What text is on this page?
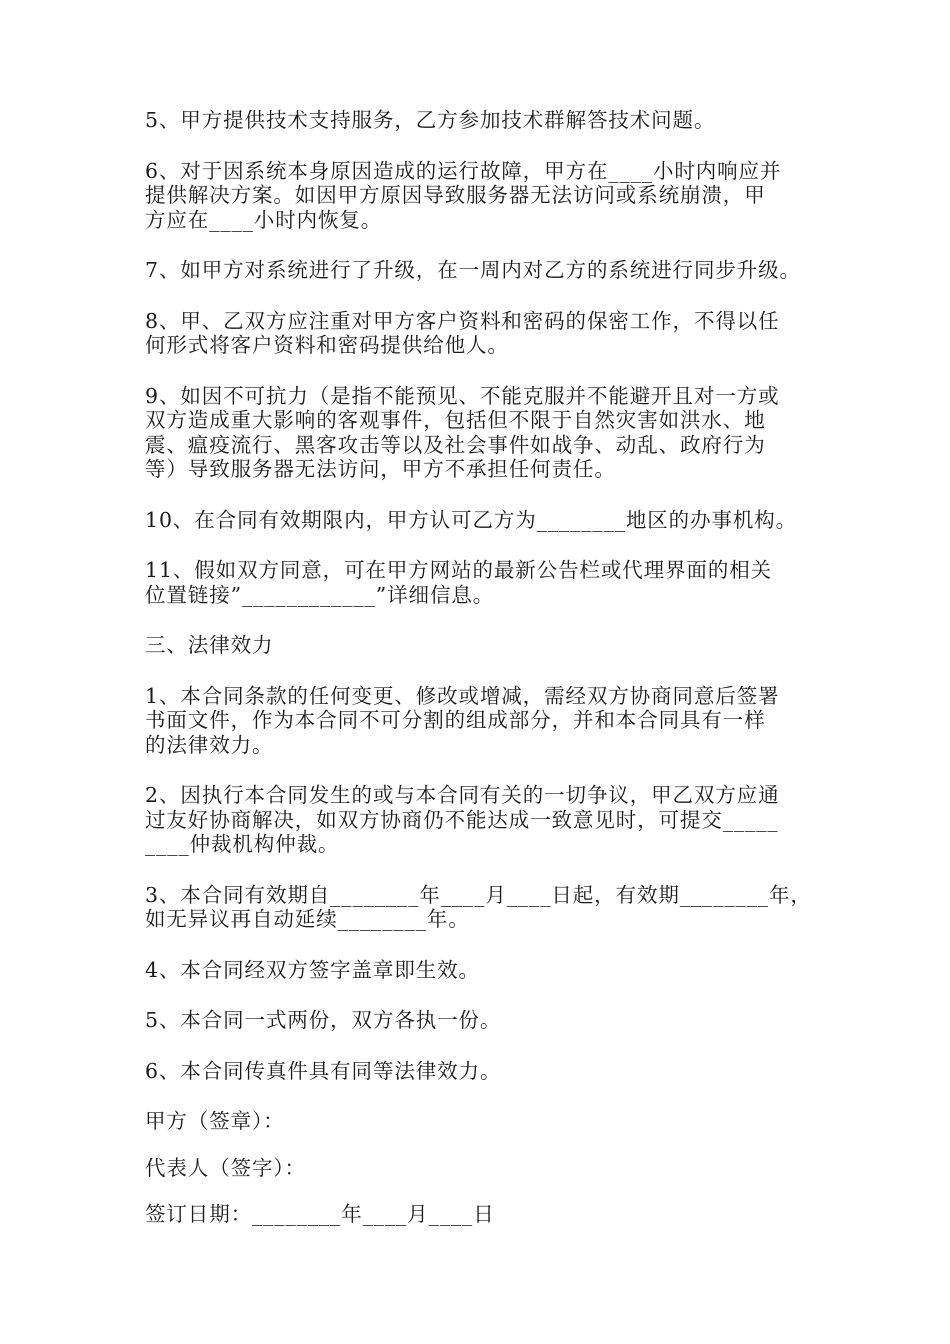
5、甲方提供技术支持服务，乙方参加技术群解答技术问题。

6、对于因系统本身原因造成的运行故障，甲方在____小时内响应并
提供解决方案。如因甲方原因导致服务器无法访问或系统崩溃，甲
方应在____小时内恢复。

7、如甲方对系统进行了升级，在一周内对乙方的系统进行同步升级。

8、甲、乙双方应注重对甲方客户资料和密码的保密工作，不得以任
何形式将客户资料和密码提供给他人。

9、如因不可抗力（是指不能预见、不能克服并不能避开且对一方或
双方造成重大影响的客观事件，包括但不限于自然灾害如洪水、地
震、瘟疫流行、黑客攻击等以及社会事件如战争、动乱、政府行为
等）导致服务器无法访问，甲方不承担任何责任。

10、在合同有效期限内，甲方认可乙方为________地区的办事机构。

11、假如双方同意，可在甲方网站的最新公告栏或代理界面的相关
位置链接”____________”详细信息。

三、法律效力

1、本合同条款的任何变更、修改或增减，需经双方协商同意后签署
书面文件，作为本合同不可分割的组成部分，并和本合同具有一样
的法律效力。

2、因执行本合同发生的或与本合同有关的一切争议，甲乙双方应通
过友好协商解决，如双方协商仍不能达成一致意见时，可提交_____
____仲裁机构仲裁。

3、本合同有效期自________年____月____日起，有效期________年，
如无异议再自动延续________年。

4、本合同经双方签字盖章即生效。

5、本合同一式两份，双方各执一份。

6、本合同传真件具有同等法律效力。

甲方（签章）：

代表人（签字）：

签订日期：________年____月____日
